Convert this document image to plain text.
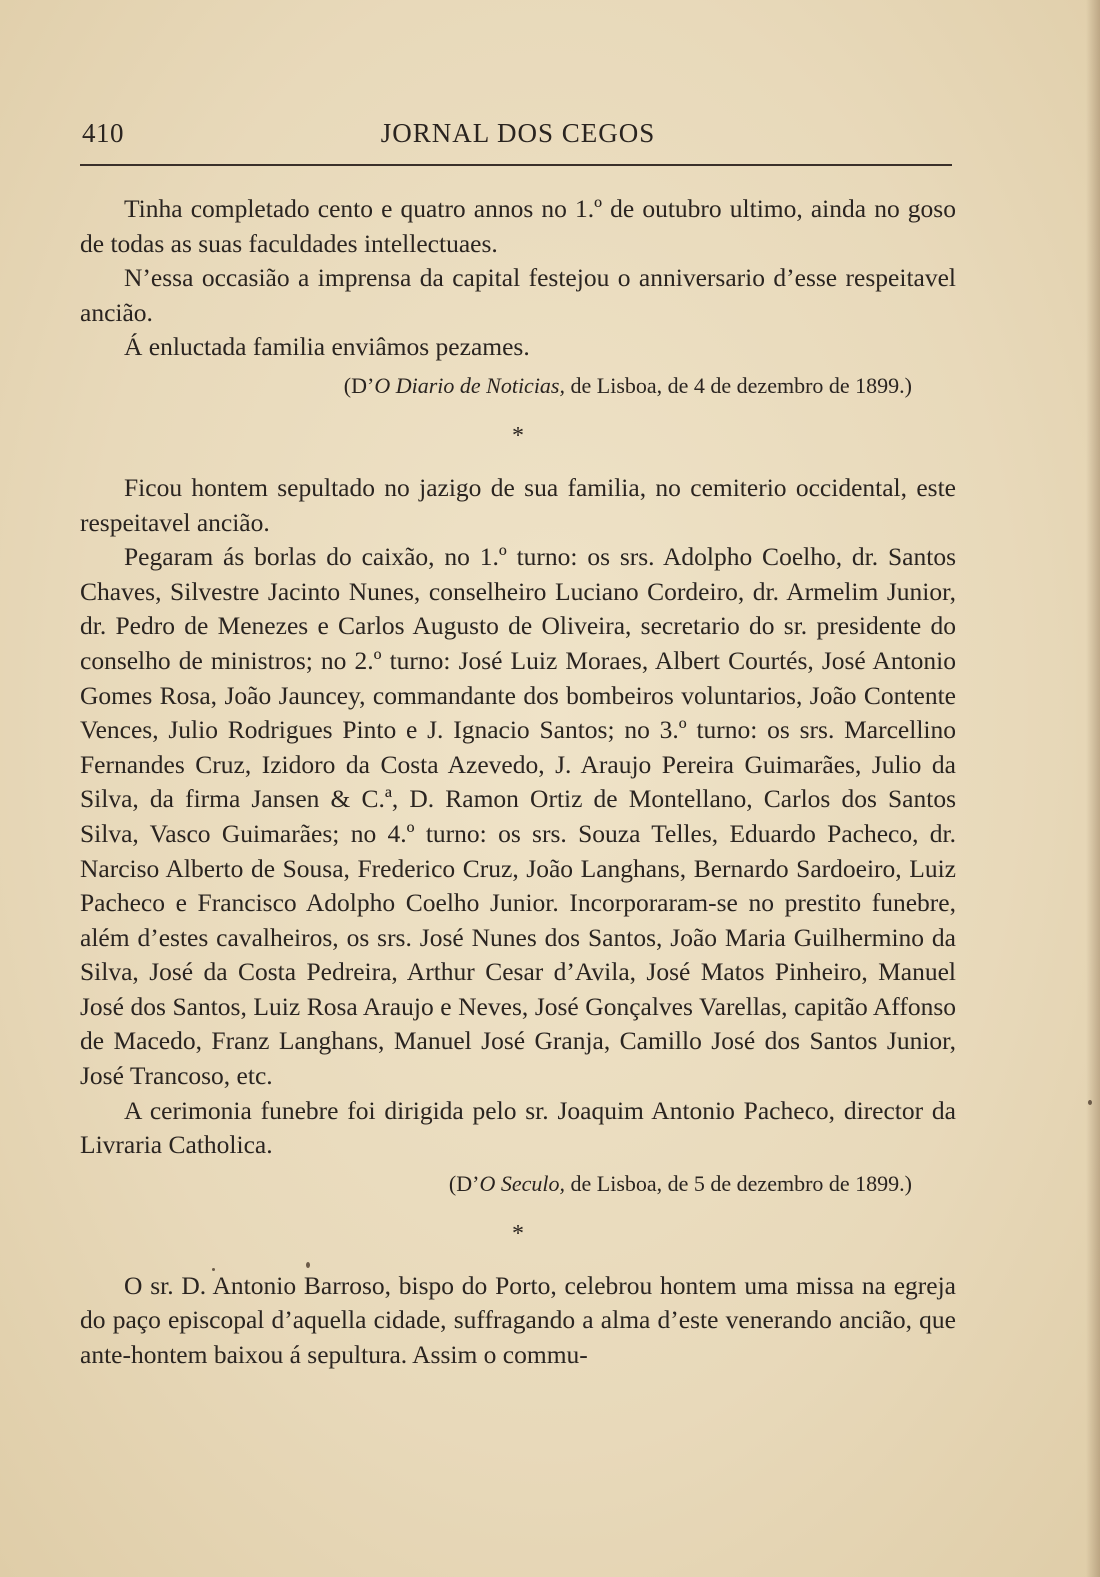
410	JORNAL DOS CEGOS

Tinha completado cento e quatro annos no 1.º de outubro ultimo, ainda no goso de todas as suas faculdades intellectuaes.

N’essa occasião a imprensa da capital festejou o anniversario d’esse respeitavel ancião.

Á enluctada familia enviâmos pezames.

(D’O Diario de Noticias, de Lisboa, de 4 de dezembro de 1899.)
*

Ficou hontem sepultado no jazigo de sua familia, no cemiterio occidental, este respeitavel ancião.

Pegaram ás borlas do caixão, no 1.º turno: os srs. Adolpho Coelho, dr. Santos Chaves, Silvestre Jacinto Nunes, conselheiro Luciano Cordeiro, dr. Armelim Junior, dr. Pedro de Menezes e Carlos Augusto de Oliveira, secretario do sr. presidente do conselho de ministros; no 2.º turno: José Luiz Moraes, Albert Courtés, José Antonio Gomes Rosa, João Jauncey, commandante dos bombeiros voluntarios, João Contente Vences, Julio Rodrigues Pinto e J. Ignacio Santos; no 3.º turno: os srs. Marcellino Fernandes Cruz, Izidoro da Costa Azevedo, J. Araujo Pereira Guimarães, Julio da Silva, da firma Jansen & C.ª, D. Ramon Ortiz de Montellano, Carlos dos Santos Silva, Vasco Guimarães; no 4.º turno: os srs. Souza Telles, Eduardo Pacheco, dr. Narciso Alberto de Sousa, Frederico Cruz, João Langhans, Bernardo Sardoeiro, Luiz Pacheco e Francisco Adolpho Coelho Junior. Incorporaram-se no prestito funebre, além d’estes cavalheiros, os srs. José Nunes dos Santos, João Maria Guilhermino da Silva, José da Costa Pedreira, Arthur Cesar d’Avila, José Matos Pinheiro, Manuel José dos Santos, Luiz Rosa Araujo e Neves, José Gonçalves Varellas, capitão Affonso de Macedo, Franz Langhans, Manuel José Granja, Camillo José dos Santos Junior, José Trancoso, etc.

A cerimonia funebre foi dirigida pelo sr. Joaquim Antonio Pacheco, director da Livraria Catholica.

(D’O Seculo, de Lisboa, de 5 de dezembro de 1899.)
*

O sr. D. Antonio Barroso, bispo do Porto, celebrou hontem uma missa na egreja do paço episcopal d’aquella cidade, suffragando a alma d’este venerando ancião, que ante-hontem baixou á sepultura. Assim o commu-
